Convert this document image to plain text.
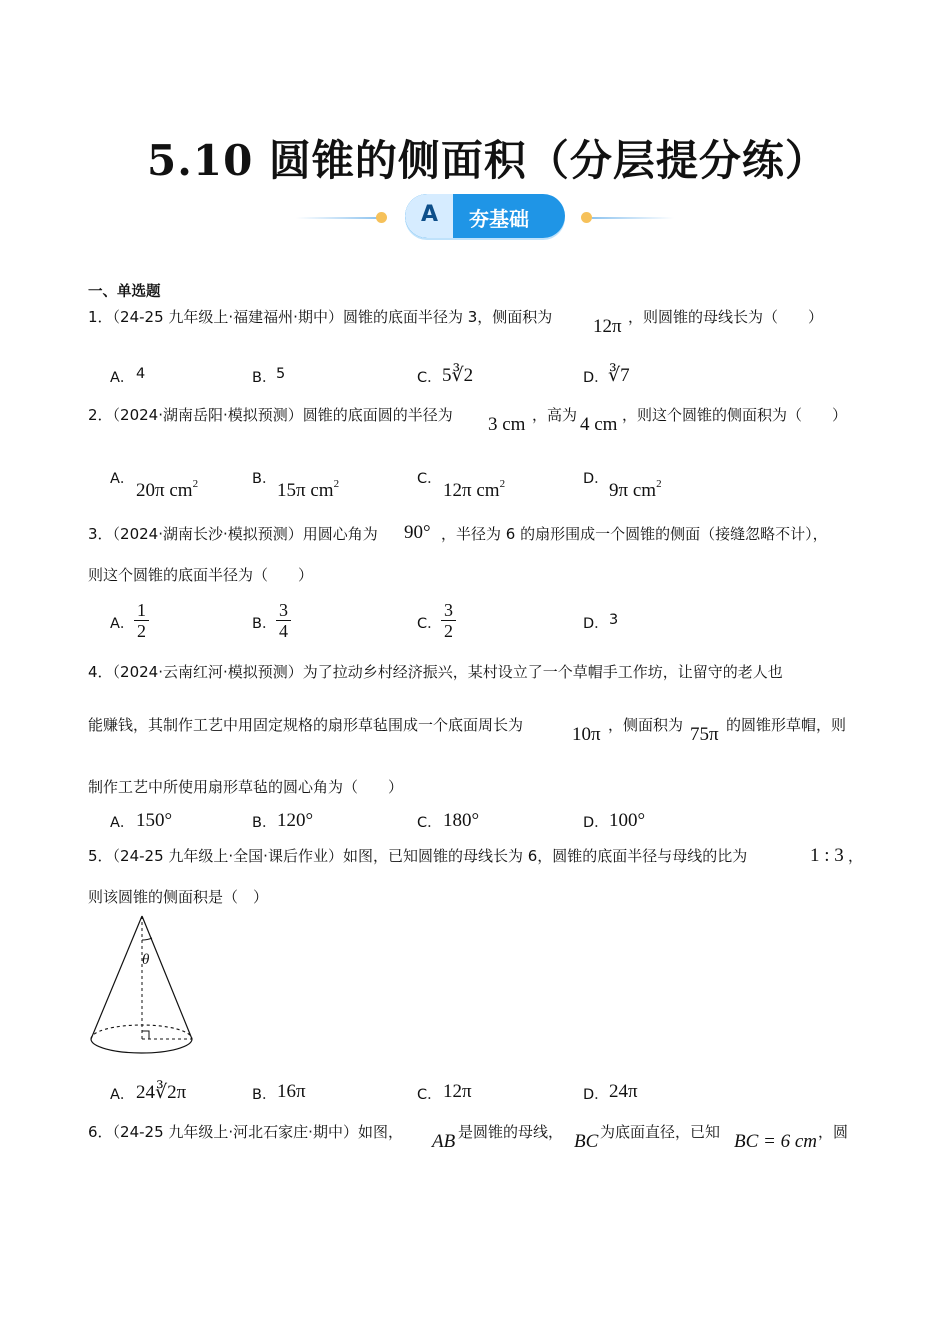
5.10 圆锥的侧面积（分层提分练）
A 夯基础
一、单选题
1．（24-25 九年级上·福建福州·期中）圆锥的底面半径为 3，侧面积为 12π ，则圆锥的母线长为（　　）
A． 4	B． 5	C． 5∛2	D． ∛7
2．（2024·湖南岳阳·模拟预测）圆锥的底面圆的半径为 3 cm ，高为 4 cm ，则这个圆锥的侧面积为（　　）
A．
20π $cm^2$	B．
15π $cm^2$	C．
12π $cm^2$	D．
9π $cm^2$
3．（2024·湖南长沙·模拟预测）用圆心角为 90° ，半径为 6 的扇形围成一个圆锥的侧面（接缝忽略不计），
则这个圆锥的底面半径为（　　）
A． $\frac{1}{2}$	B． $\frac{3}{4}$	C． $\frac{3}{2}$	D． 3
4．（2024·云南红河·模拟预测）为了拉动乡村经济振兴，某村设立了一个草帽手工作坊，让留守的老人也
能赚钱，其制作工艺中用固定规格的扇形草毡围成一个底面周长为	10π ，侧面积为 75π 的圆锥形草帽，则
制作工艺中所使用扇形草毡的圆心角为（　　）
A． 150°	B． 120°	C． 180°	D． 100°
5．（24-25 九年级上·全国·课后作业）如图，已知圆锥的母线长为 6，圆锥的底面半径与母线的比为	1 : 3 ，
则该圆锥的侧面积是（　）
θ
A． 24∛2π	B． 16π	C． 12π	D． 24π
6．（24-25 九年级上·河北石家庄·期中）如图， AB 是圆锥的母线， BC 为底面直径，已知 BC = 6 cm ，圆
